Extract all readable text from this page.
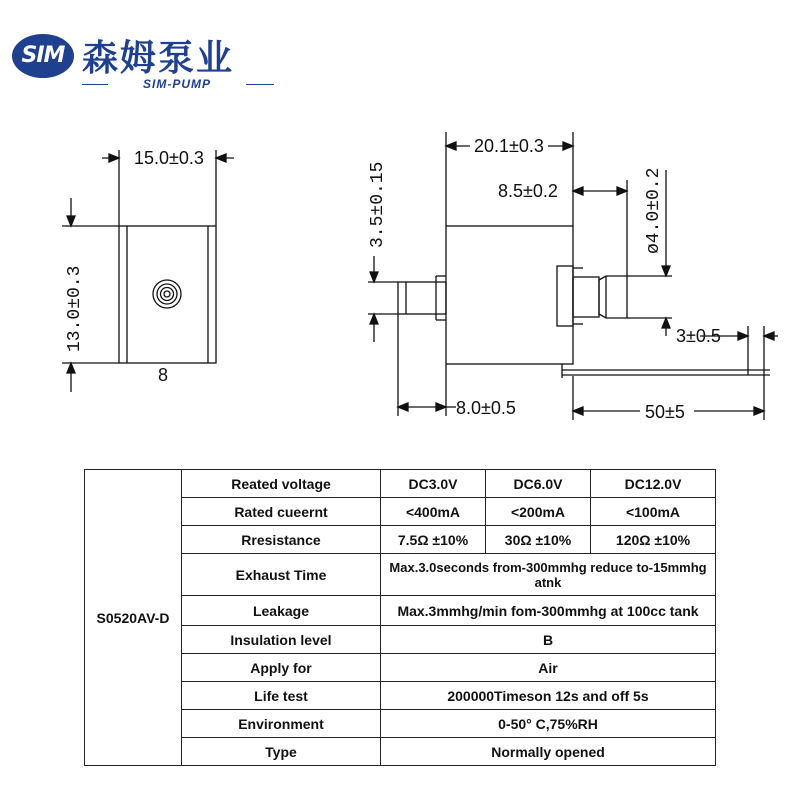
SIM 森姆泵业
SIM-PUMP
8
15.0±0.3
13.0±0.3
20.1±0.3
8.5±0.2	ø4.0±0.2
3.5±0.15
8.0±0.5
3±0.5
50±5
S0520AV-D	Reated voltage	DC3.0V	DC6.0V	DC12.0V
	Rated cueernt	<400mA	<200mA	<100mA
	Rresistance	7.5Ω ±10%	30Ω ±10%	120Ω ±10%
	Exhaust Time	Max.3.0seconds from-300mmhg reduce to-15mmhg atnk		
	Leakage	Max.3mmhg/min fom-300mmhg at 100cc tank		
	Insulation level	B		
	Apply for	Air		
	Life test	200000Timeson 12s and off 5s		
	Environment	0-50° C,75%RH		
	Type	Normally opened		
